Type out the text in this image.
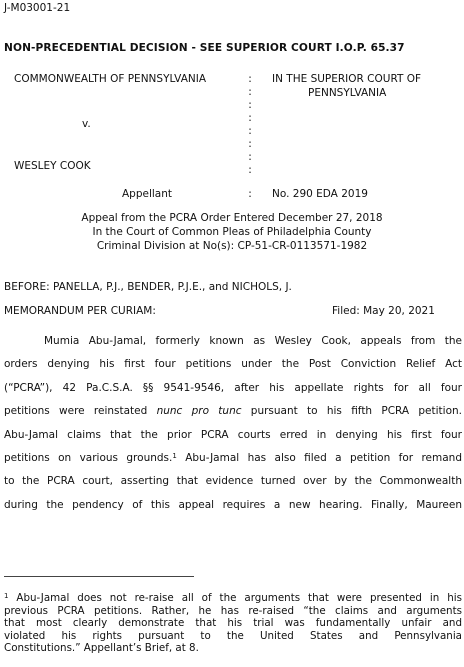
J-M03001-21
NON-PRECEDENTIAL DECISION - SEE SUPERIOR COURT I.O.P. 65.37
COMMONWEALTH OF PENNSYLVANIA
v.
WESLEY COOK
Appellant
:
:
:
:
:
:
:
:
:
IN THE SUPERIOR COURT OF
PENNSYLVANIA
No. 290 EDA 2019
Appeal from the PCRA Order Entered December 27, 2018
In the Court of Common Pleas of Philadelphia County
Criminal Division at No(s): CP-51-CR-0113571-1982
BEFORE: PANELLA, P.J., BENDER, P.J.E., and NICHOLS, J.
MEMORANDUM PER CURIAM:	Filed: May 20, 2021
Mumia Abu-Jamal, formerly known as Wesley Cook, appeals from the
orders denying his first four petitions under the Post Conviction Relief Act
(“PCRA”), 42 Pa.C.S.A. §§ 9541-9546, after his appellate rights for all four
petitions were reinstated nunc pro tunc pursuant to his fifth PCRA petition.
Abu-Jamal claims that the prior PCRA courts erred in denying his first four
petitions on various grounds.$^1$ Abu-Jamal has also filed a petition for remand
to the PCRA court, asserting that evidence turned over by the Commonwealth
during the pendency of this appeal requires a new hearing. Finally, Maureen
$^1$ Abu-Jamal does not re-raise all of the arguments that were presented in his
previous PCRA petitions. Rather, he has re-raised “the claims and arguments
that most clearly demonstrate that his trial was fundamentally unfair and
violated his rights pursuant to the United States and Pennsylvania
Constitutions.” Appellant’s Brief, at 8.
